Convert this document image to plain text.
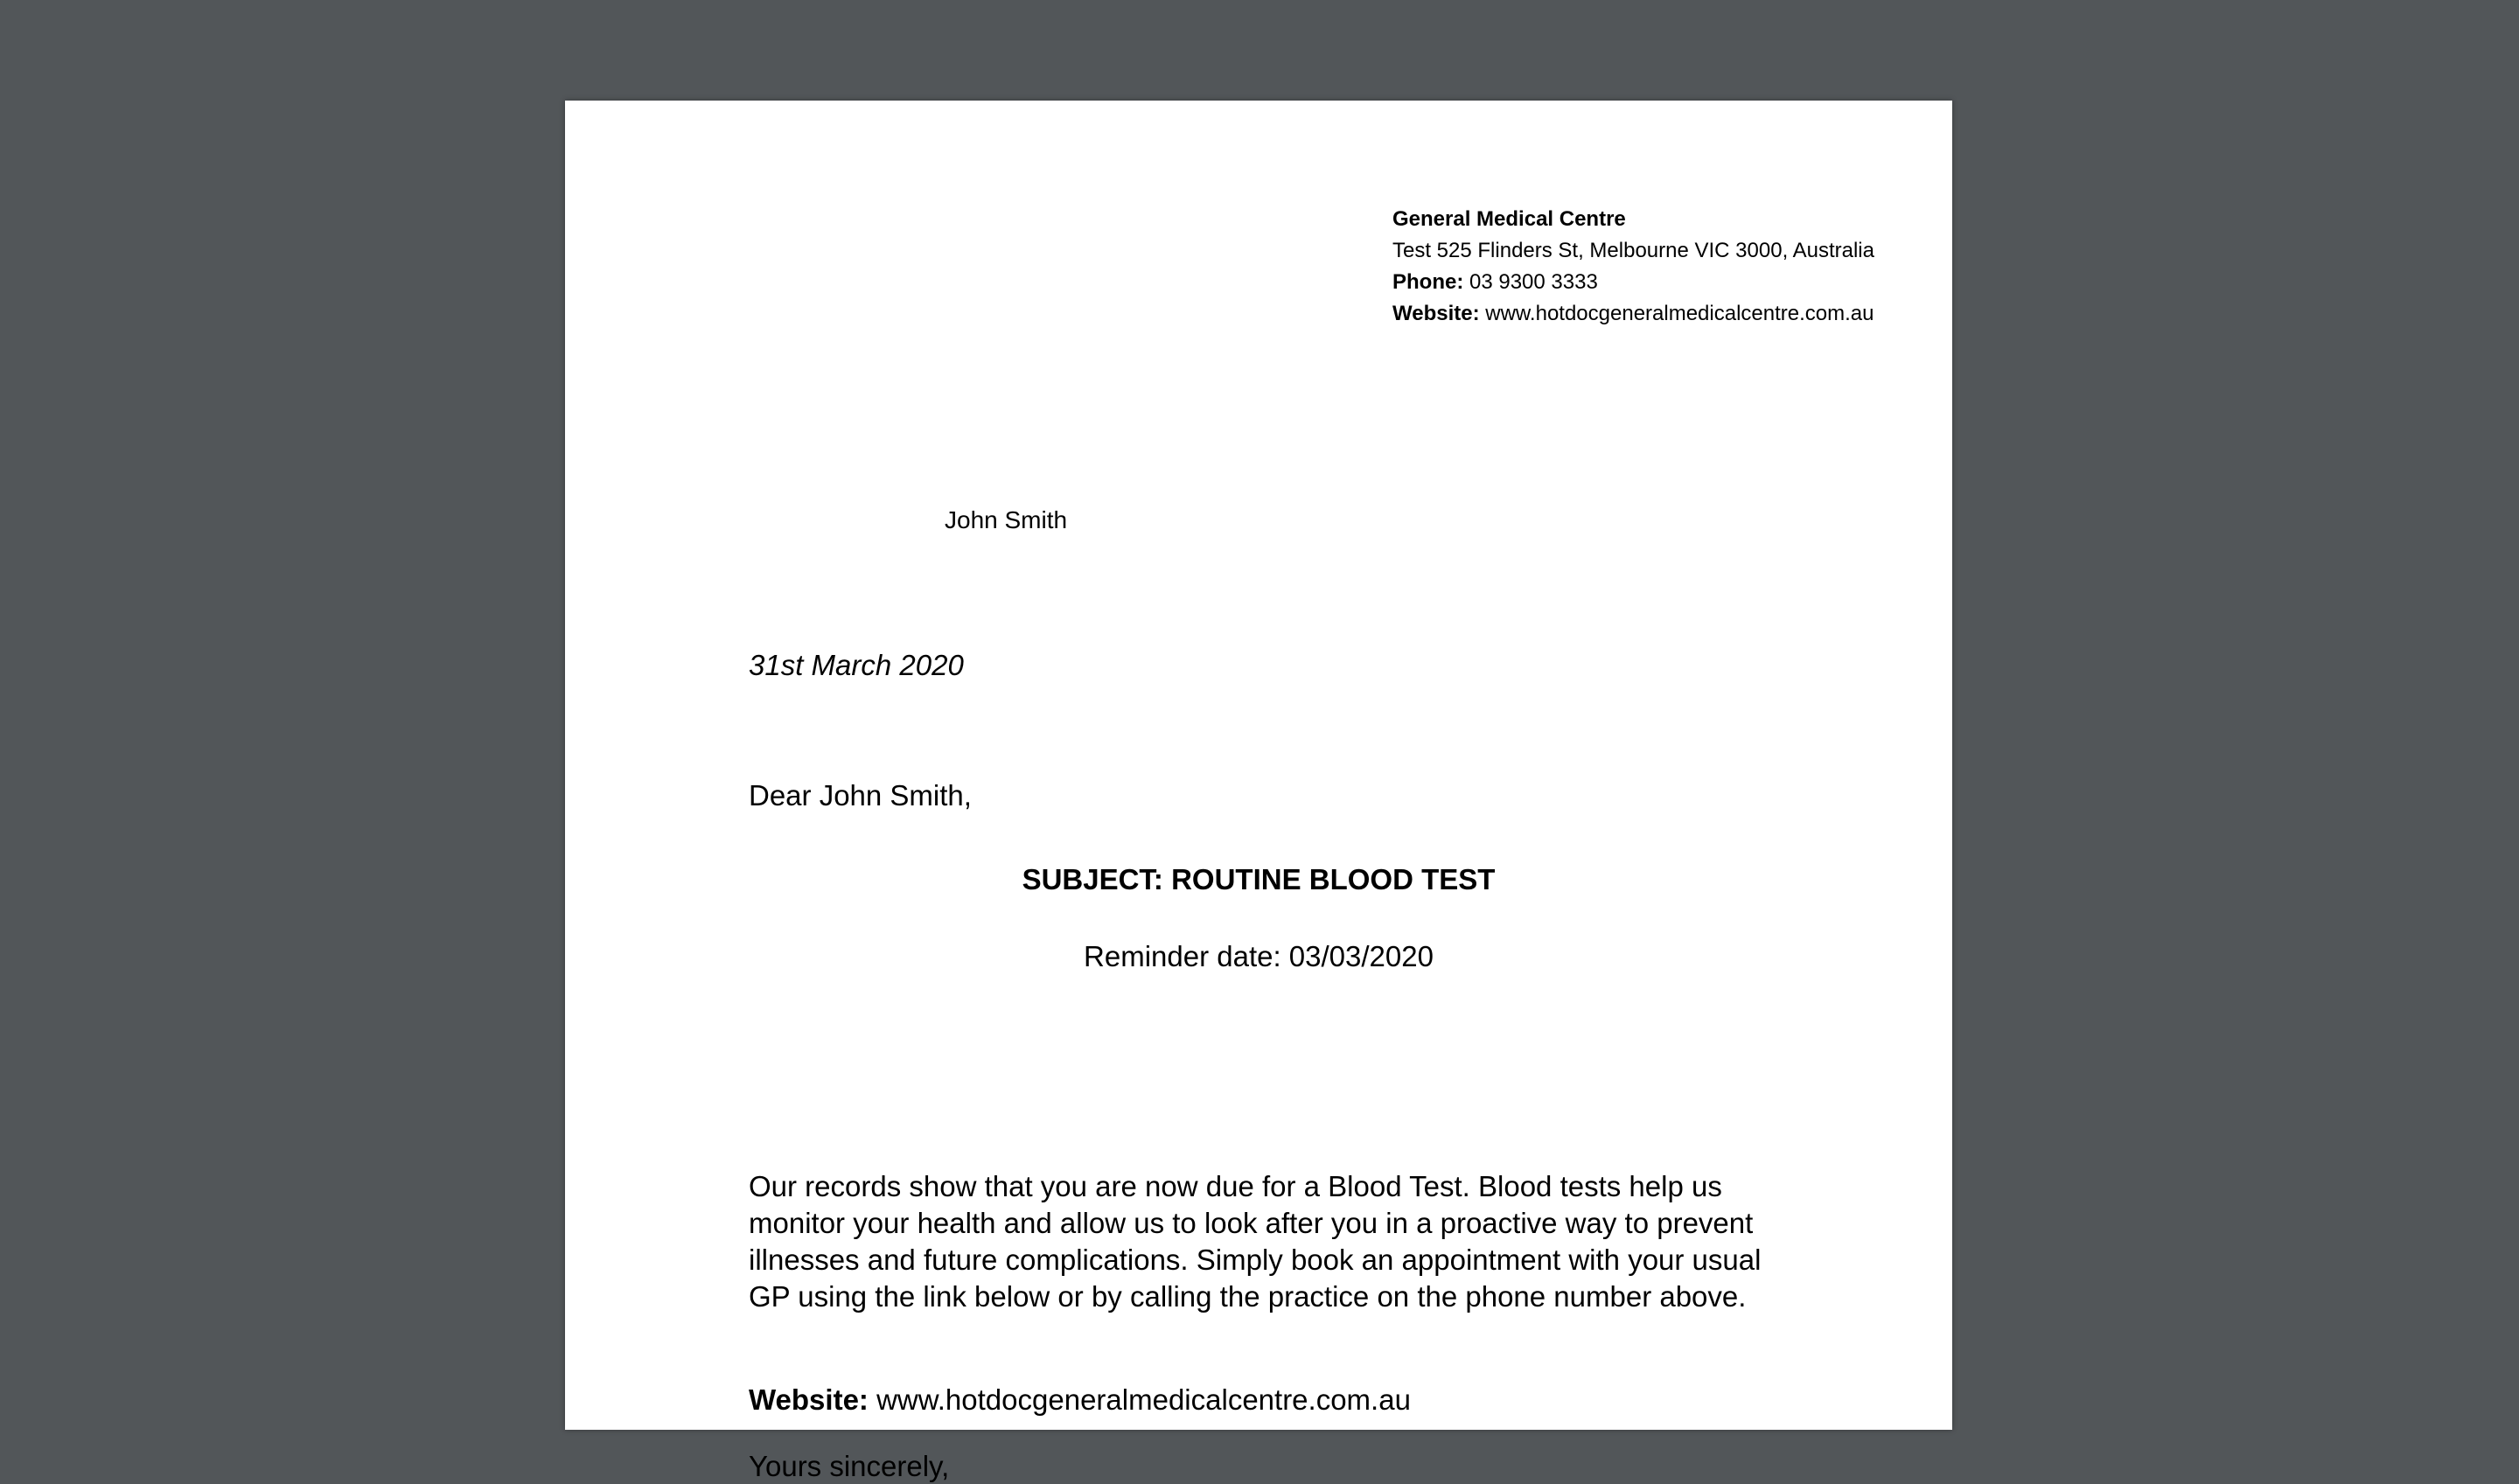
General Medical Centre
Test 525 Flinders St, Melbourne VIC 3000, Australia
Phone: 03 9300 3333
Website: www.hotdocgeneralmedicalcentre.com.au
John Smith
31st March 2020
Dear John Smith,
SUBJECT: ROUTINE BLOOD TEST
Reminder date: 03/03/2020
Our records show that you are now due for a Blood Test. Blood tests help us monitor your health and allow us to look after you in a proactive way to prevent illnesses and future complications. Simply book an appointment with your usual GP using the link below or by calling the practice on the phone number above.
Website: www.hotdocgeneralmedicalcentre.com.au
Yours sincerely,
